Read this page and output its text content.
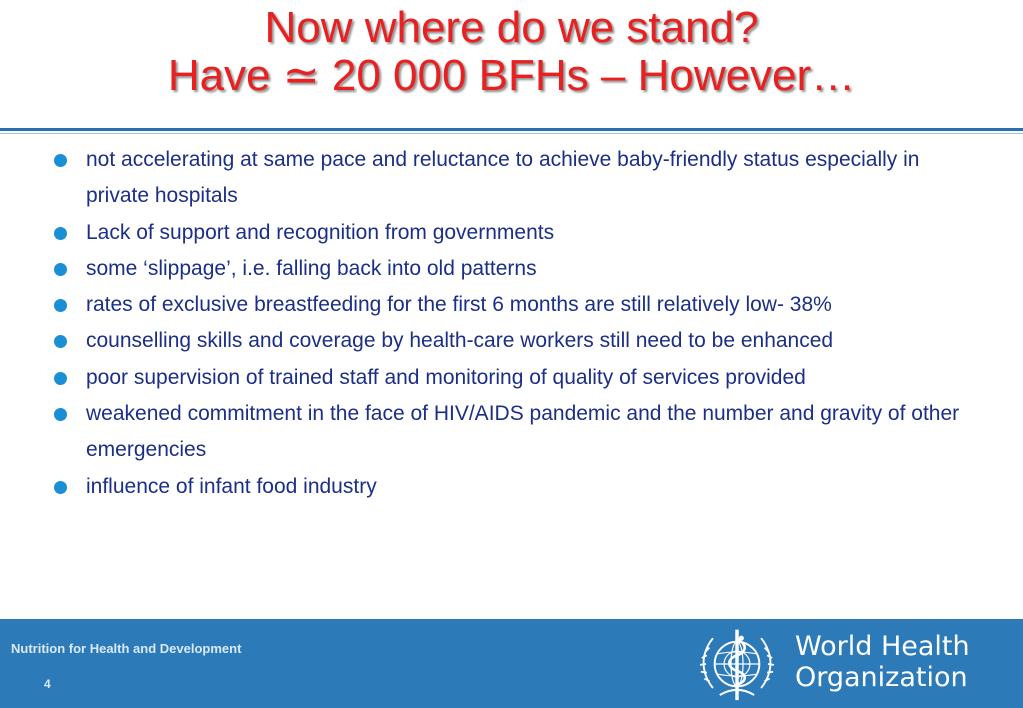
Now where do we stand?
Have ≃ 20 000 BFHs – However…
not accelerating at same pace and reluctance to achieve baby-friendly status especially in private hospitals
Lack of support and recognition from governments
some ‘slippage’, i.e. falling back into old patterns
rates of exclusive breastfeeding for the first 6 months are still relatively low- 38%
counselling skills and coverage by health-care workers still need to be enhanced
poor supervision of trained staff and monitoring of quality of services provided
weakened commitment in the face of HIV/AIDS pandemic and the number and gravity of other emergencies
influence of infant food industry
Nutrition for Health and Development
4
World Health
Organization
